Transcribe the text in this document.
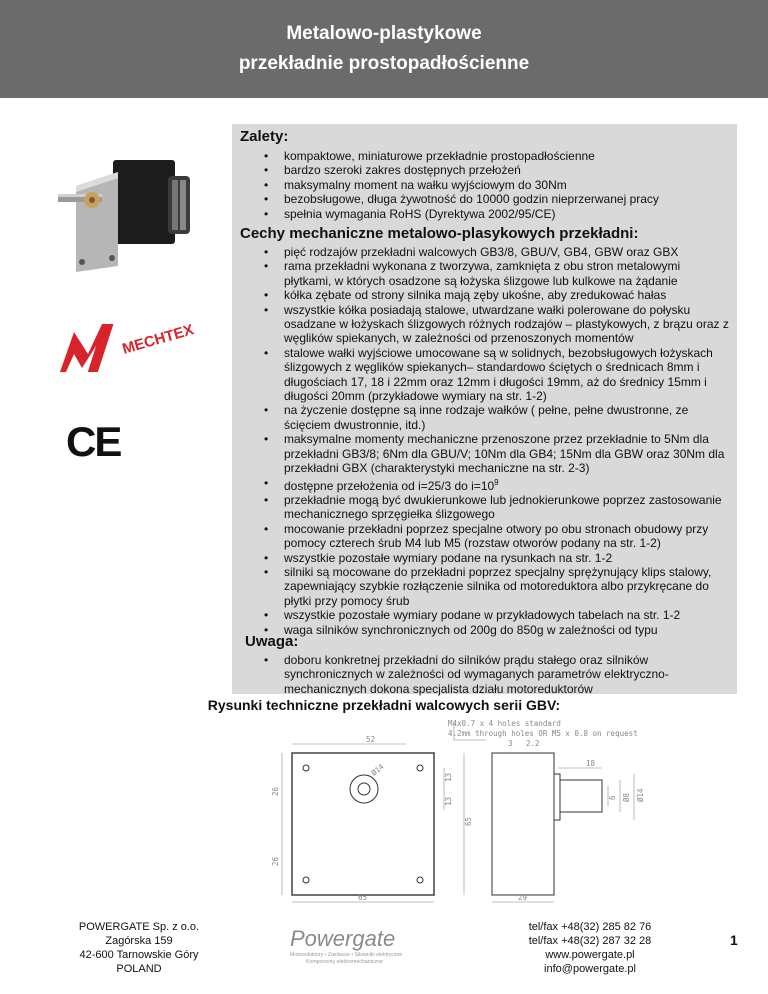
Metalowo-plastykowe
przekładnie prostopadłościenne
Zalety:
• kompaktowe, miniaturowe przekładnie prostopadłościenne
• bardzo szeroki zakres dostępnych przełożeń
• maksymalny moment na wałku wyjściowym do 30Nm
• bezobsługowe, długa żywotność do 10000 godzin nieprzerwanej pracy
• spełnia wymagania RoHS (Dyrektywa 2002/95/CE)
Cechy mechaniczne metalowo-plasykowych przekładni:
• pięć rodzajów przekładni walcowych GB3/8, GBU/V, GB4, GBW oraz GBX
• rama przekładni wykonana z tworzywa, zamknięta z obu stron metalowymi płytkami, w których osadzone są łożyska ślizgowe lub kulkowe na żądanie
• kółka zębate od strony silnika mają zęby ukośne, aby zredukować hałas
• wszystkie kółka posiadają stalowe, utwardzane wałki polerowane do połysku osadzane w łożyskach ślizgowych różnych rodzajów – plastykowych, z brązu oraz z węglików spiekanych, w zależności od przenoszonych momentów
• stalowe wałki wyjściowe umocowane są w solidnych, bezobsługowych łożyskach ślizgowych z węglików spiekanych– standardowo ściętych o średnicach 8mm i długościach 17, 18 i 22mm oraz 12mm i długości 19mm, aż do średnicy 15mm i długości 20mm (przykładowe wymiary na str. 1-2)
• na życzenie dostępne są inne rodzaje wałków ( pełne, pełne dwustronne, ze ścięciem dwustronnie, itd.)
• maksymalne momenty mechaniczne przenoszone przez przekładnie to 5Nm dla przekładni GB3/8; 6Nm dla GBU/V; 10Nm dla GB4; 15Nm dla GBW oraz 30Nm dla przekładni GBX (charakterystyki mechaniczne na str. 2-3)
• dostępne przełożenia od i=25/3 do $i=10^9$
• przekładnie mogą być dwukierunkowe lub jednokierunkowe poprzez zastosowanie mechanicznego sprzęgiełka ślizgowego
• mocowanie przekładni poprzez specjalne otwory po obu stronach obudowy przy pomocy czterech śrub M4 lub M5 (rozstaw otworów podany na str. 1-2)
• wszystkie pozostałe wymiary podane na rysunkach na str. 1-2
• silniki są mocowane do przekładni poprzez specjalny sprężynujący klips stalowy, zapewniający szybkie rozłączenie silnika od motoreduktora albo przykręcane do płytki przy pomocy śrub
• wszystkie pozostałe wymiary podane w przykładowych tabelach na str. 1-2
• waga silników synchronicznych od 200g do 850g w zależności od typu
Uwaga:
• doboru konkretnej przekładni do silników prądu stałego oraz silników synchronicznych w zależności od wymaganych parametrów elektryczno-mechanicznych dokona specjalista działu motoreduktorów
MECHTEX
CE
Rysunki techniczne przekładni walcowych serii GBV:
M4x0.7 x 4 holes standard
4.2mm through holes OR M5 x 0.8 on request
52
26
26
13
13
65
65
Ø14
3 2.2
18
6 Ø8 Ø14
29
POWERGATE Sp. z o.o.
Zagórska 159
42-600 Tarnowskie Góry
POLAND
Powergate
Motoreduktory • Zasilacze • Silowniki elektryczne
Komponenty elektromechaniczne
tel/fax +48(32) 285 82 76
tel/fax +48(32) 287 32 28
www.powergate.pl
info@powergate.pl
1
